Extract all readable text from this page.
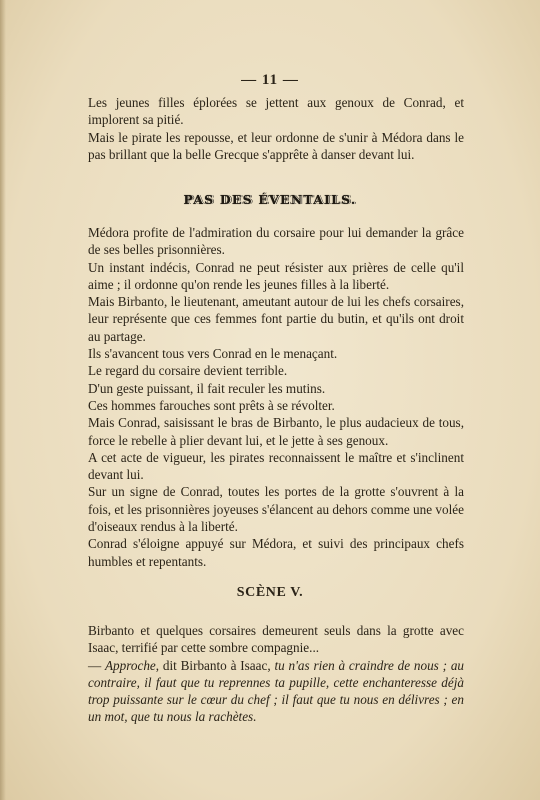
— 11 —

Les jeunes filles éplorées se jettent aux genoux de Conrad, et implorent sa pitié.

Mais le pirate les repousse, et leur ordonne de s'unir à Médora dans le pas brillant que la belle Grecque s'apprête à danser devant lui.

PAS DES ÉVENTAILS.

Médora profite de l'admiration du corsaire pour lui demander la grâce de ses belles prisonnières.

Un instant indécis, Conrad ne peut résister aux prières de celle qu'il aime ; il ordonne qu'on rende les jeunes filles à la liberté.

Mais Birbanto, le lieutenant, ameutant autour de lui les chefs corsaires, leur représente que ces femmes font partie du butin, et qu'ils ont droit au partage.

Ils s'avancent tous vers Conrad en le menaçant.

Le regard du corsaire devient terrible.

D'un geste puissant, il fait reculer les mutins.

Ces hommes farouches sont prêts à se révolter.

Mais Conrad, saisissant le bras de Birbanto, le plus audacieux de tous, force le rebelle à plier devant lui, et le jette à ses genoux.

A cet acte de vigueur, les pirates reconnaissent le maître et s'inclinent devant lui.

Sur un signe de Conrad, toutes les portes de la grotte s'ouvrent à la fois, et les prisonnières joyeuses s'élancent au dehors comme une volée d'oiseaux rendus à la liberté.

Conrad s'éloigne appuyé sur Médora, et suivi des principaux chefs humbles et repentants.

SCÈNE V.

Birbanto et quelques corsaires demeurent seuls dans la grotte avec Isaac, terrifié par cette sombre compagnie...

— Approche, dit Birbanto à Isaac, tu n'as rien à craindre de nous ; au contraire, il faut que tu reprennes ta pupille, cette enchanteresse déjà trop puissante sur le cœur du chef ; il faut que tu nous en délivres ; en un mot, que tu nous la rachètes.
